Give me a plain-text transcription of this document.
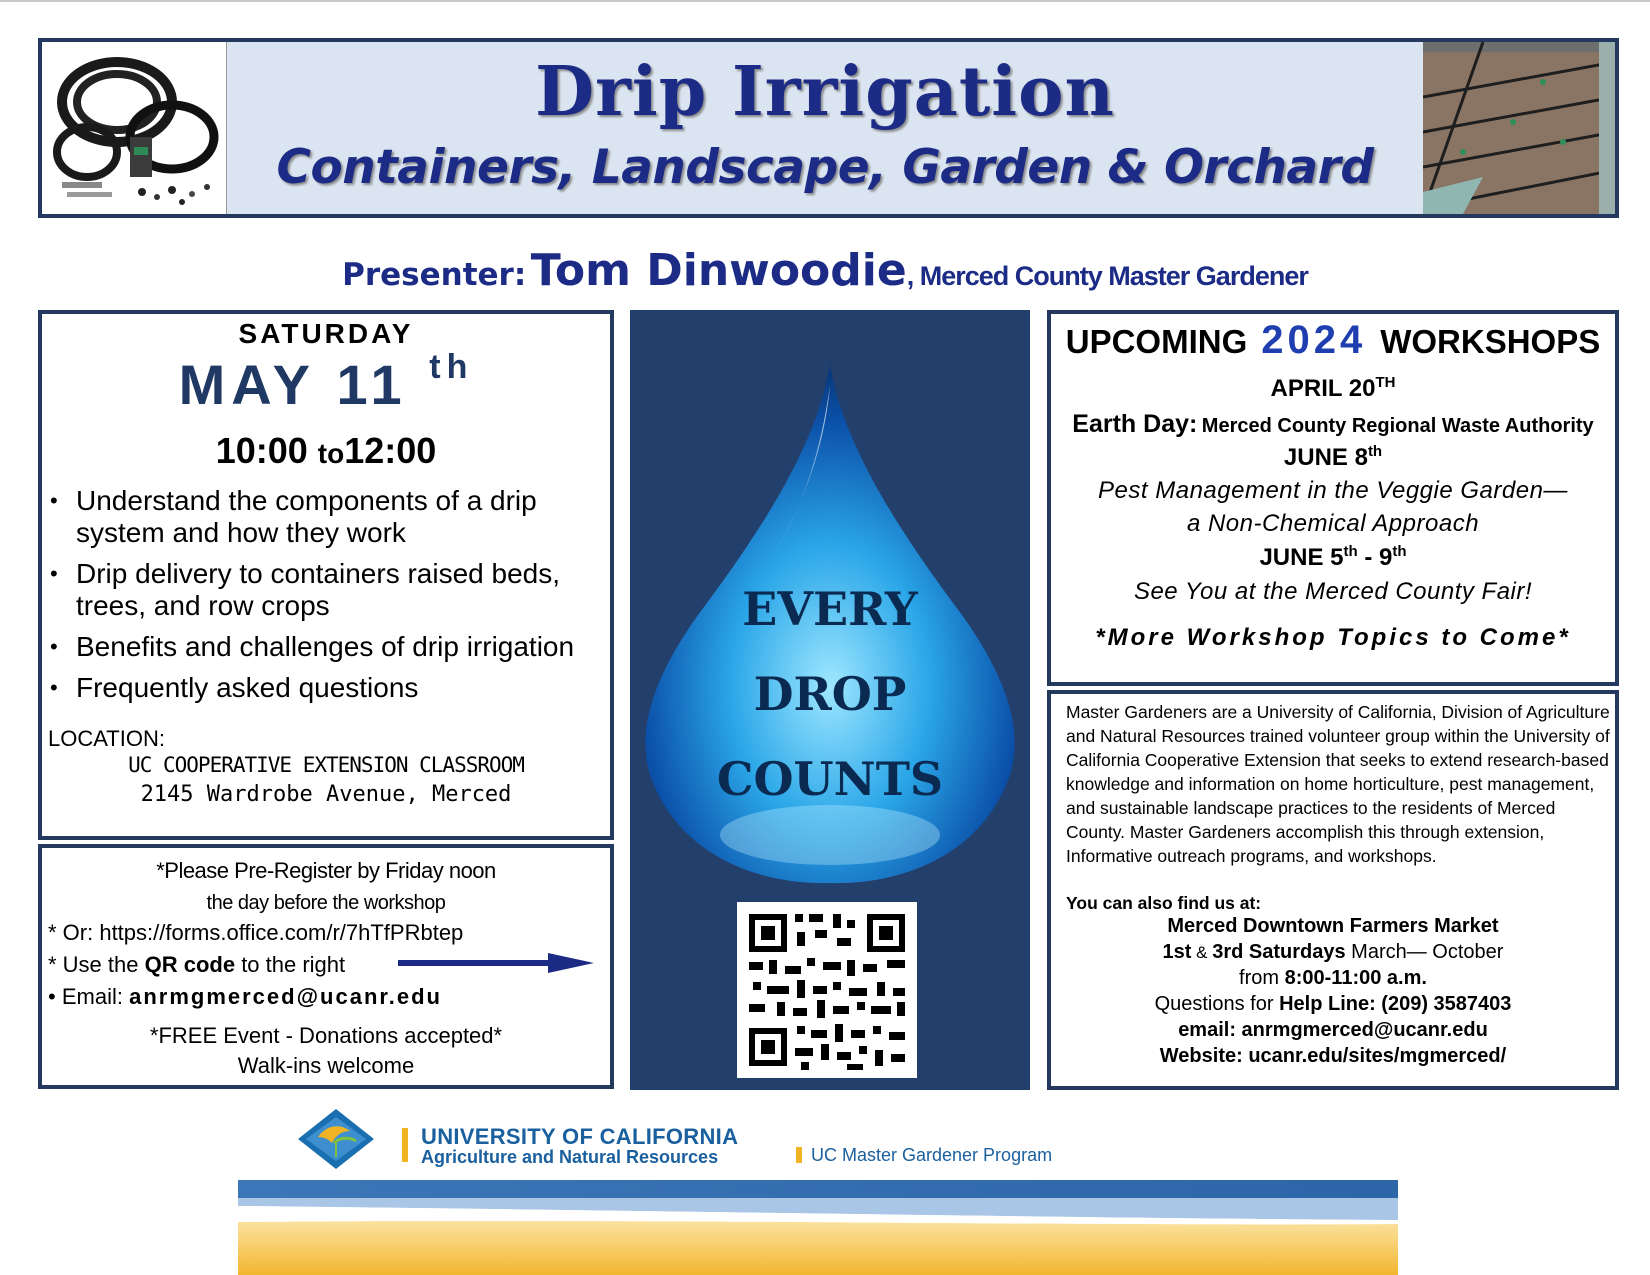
Drip Irrigation
Containers, Landscape, Garden & Orchard
Presenter: Tom Dinwoodie, Merced County Master Gardener
SATURDAY
MAY 11 $^{th}$
10:00 to12:00
• Understand the components of a drip system and how they work
• Drip delivery to containers raised beds, trees, and row crops
• Benefits and challenges of drip irrigation
• Frequently asked questions
LOCATION:
UC COOPERATIVE EXTENSION CLASSROOM
2145 Wardrobe Avenue, Merced
*Please Pre-Register by Friday noon
the day before the workshop
* Or: https://forms.office.com/r/7hTfPRbtep
* Use the QR code to the right
• Email: anrmgmerced@ucanr.edu
*FREE Event - Donations accepted*
Walk-ins welcome
EVERY
DROP
COUNTS
UPCOMING 2024 WORKSHOPS
APRIL 20TH
Earth Day: Merced County Regional Waste Authority
JUNE 8th
Pest Management in the Veggie Garden—
a Non-Chemical Approach
JUNE 5th - 9th
See You at the Merced County Fair!
*More Workshop Topics to Come*

Master Gardeners are a University of California, Division of Agriculture and Natural Resources trained volunteer group within the University of California Cooperative Extension that seeks to extend research-based knowledge and information on home horticulture, pest management, and sustainable landscape practices to the residents of Merced County. Master Gardeners accomplish this through extension, Informative outreach programs, and workshops.

You can also find us at:
Merced Downtown Farmers Market
1st & 3rd Saturdays March— October
from 8:00-11:00 a.m.
Questions for Help Line: (209) 3587403
email: anrmgmerced@ucanr.edu
Website: ucanr.edu/sites/mgmerced/
UNIVERSITY OF CALIFORNIA
Agriculture and Natural Resources	UC Master Gardener Program
